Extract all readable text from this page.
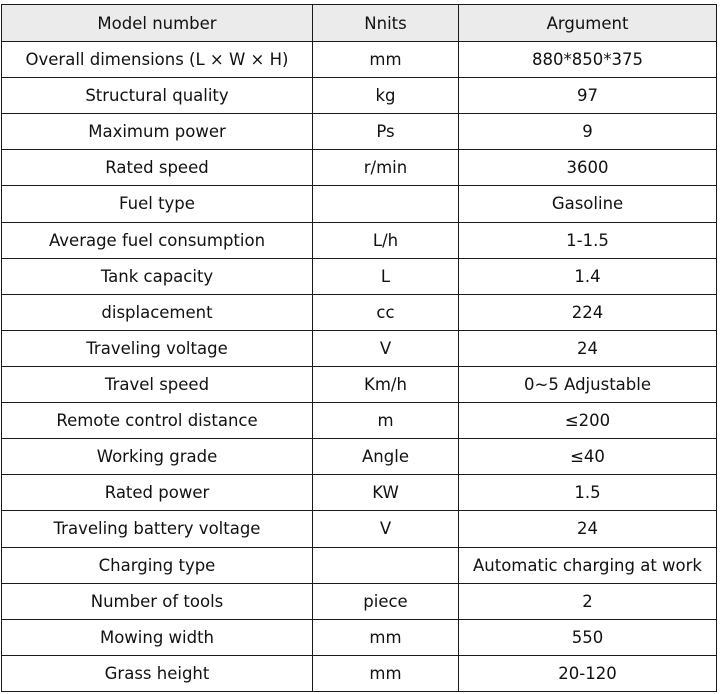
Model number	Nnits	Argument
Overall dimensions (L × W × H)	mm	880*850*375
Structural quality	kg	97
Maximum power	Ps	9
Rated speed	r/min	3600
Fuel type		Gasoline
Average fuel consumption	L/h	1-1.5
Tank capacity	L	1.4
displacement	cc	224
Traveling voltage	V	24
Travel speed	Km/h	0~5 Adjustable
Remote control distance	m	≤200
Working grade	Angle	≤40
Rated power	KW	1.5
Traveling battery voltage	V	24
Charging type		Automatic charging at work
Number of tools	piece	2
Mowing width	mm	550
Grass height	mm	20-120
